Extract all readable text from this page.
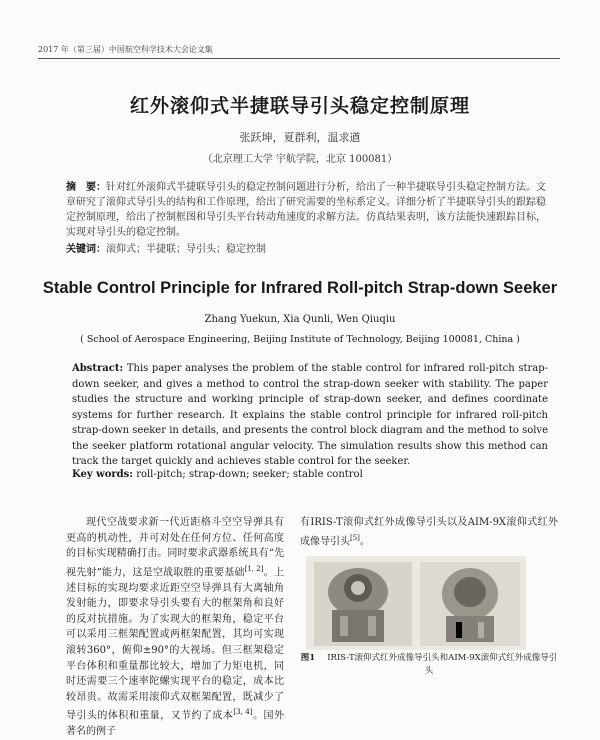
2017 年（第三届）中国航空科学技术大会论文集
红外滚仰式半捷联导引头稳定控制原理
张跃坤，夏群利，温求遒
（北京理工大学 宇航学院，北京 100081）
摘　要：针对红外滚仰式半捷联导引头的稳定控制问题进行分析，给出了一种半捷联导引头稳定控制方法。文章研究了滚仰式导引头的结构和工作原理，给出了研究需要的坐标系定义。详细分析了半捷联导引头的跟踪稳定控制原理，给出了控制框图和导引头平台转动角速度的求解方法。仿真结果表明，该方法能快速跟踪目标，实现对导引头的稳定控制。
关键词：滚仰式；半捷联；导引头；稳定控制
Stable Control Principle for Infrared Roll-pitch Strap-down Seeker
Zhang Yuekun, Xia Qunli, Wen Qiuqiu
( School of Aerospace Engineering, Beijing Institute of Technology, Beijing 100081, China )
Abstract: This paper analyses the problem of the stable control for infrared roll-pitch strap-down seeker, and gives a method to control the strap-down seeker with stability. The paper studies the structure and working principle of strap-down seeker, and defines coordinate systems for further research. It explains the stable control principle for infrared roll-pitch strap-down seeker in details, and presents the control block diagram and the method to solve the seeker platform rotational angular velocity. The simulation results show this method can track the target quickly and achieves stable control for the seeker.
Key words: roll-pitch; strap-down; seeker; stable control
现代空战要求新一代近距格斗空空导弹具有更高的机动性，并可对处在任何方位、任何高度的目标实现精确打击。同时要求武器系统具有“先视先射”能力，这是空战取胜的重要基础[1, 2]。上述目标的实现均要求近距空空导弹具有大离轴角发射能力，即要求导引头要有大的框架角和良好的反对抗措施。为了实现大的框架角，稳定平台可以采用三框架配置或两框架配置，其均可实现滚转360°，俯仰±90°的大视场。但三框架稳定平台体积和重量都比较大，增加了力矩电机，同时还需要三个速率陀螺实现平台的稳定，成本比较昂贵。故需采用滚仰式双框架配置，既减少了导引头的体积和重量，又节约了成本[3, 4]。国外著名的例子
有IRIS-T滚仰式红外成像导引头以及AIM-9X滚仰式红外成像导引头[5]。
图1 IRIS-T滚仰式红外成像导引头和AIM-9X滚仰式红外成像导引头
